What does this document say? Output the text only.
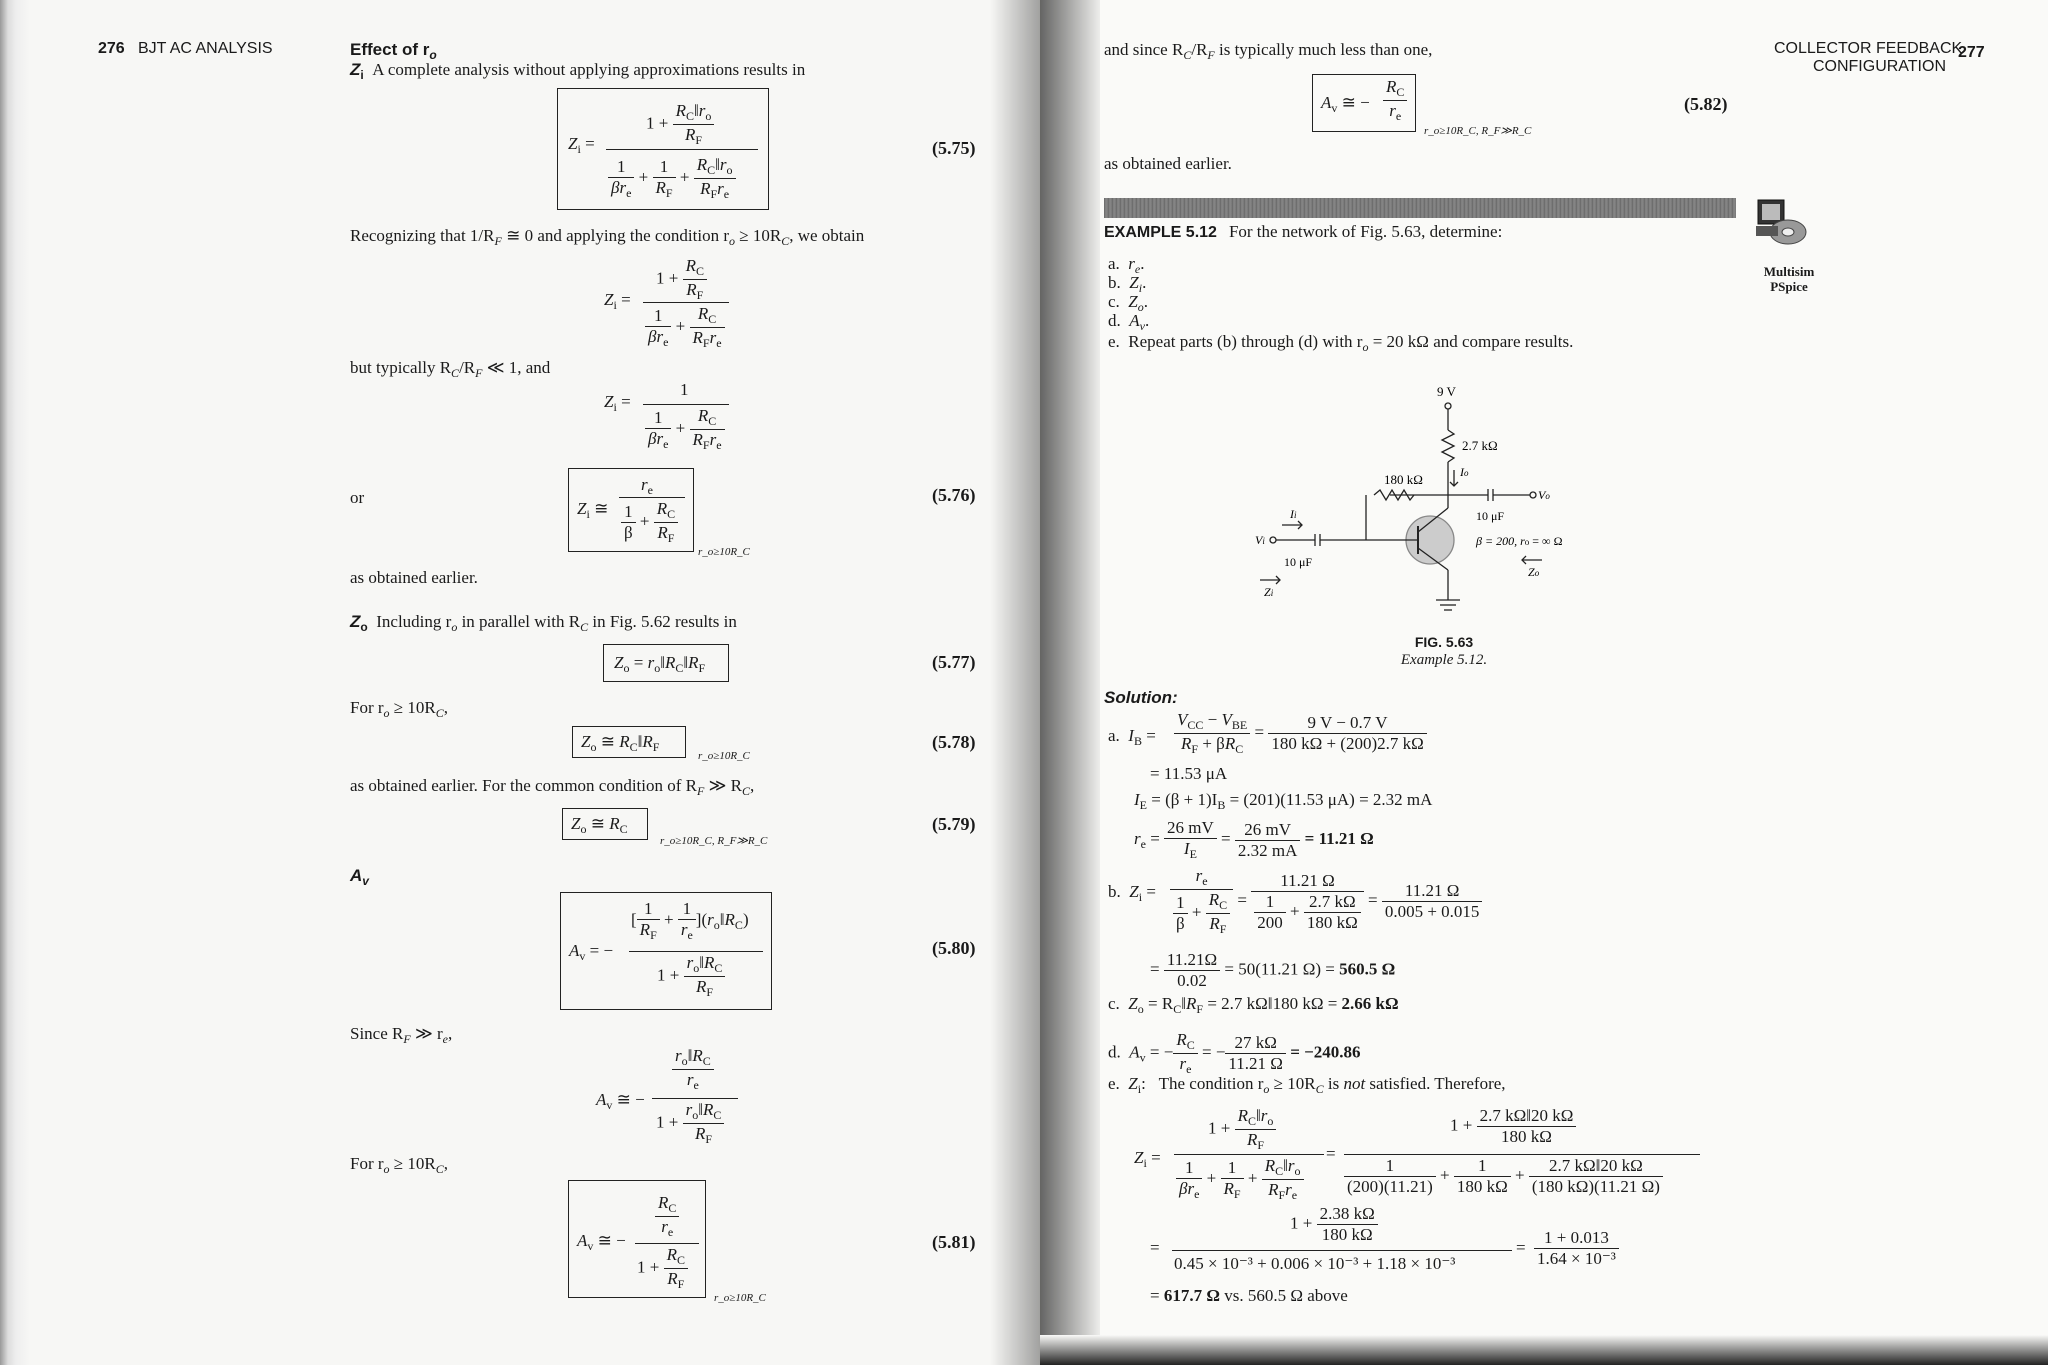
276 BJT AC ANALYSIS	Effect of $r_o$
$Z_i$ A complete analysis without applying approximations results in
$Z_i$ =
$1 + \frac{R_C‖r_o}{R_F}$
$\frac{1}{\beta r_e} + \frac{1}{R_F} + \frac{R_C‖r_o}{R_Fr_e}$
(5.75)
Recognizing that $1/R_F$ ≅ 0 and applying the condition $r_o \ge 10R_C$, we obtain
$Z_i$ =
$1 + \frac{R_C}{R_F}$
$\frac{1}{\beta r_e} + \frac{R_C}{R_Fr_e}$
but typically $R_C/R_F$ ≪ 1, and
$Z_i$ =
1
$\frac{1}{\beta r_e} + \frac{R_C}{R_Fr_e}$
or
$Z_i$ ≅
$r_e$
$\frac{1}{\beta} + \frac{R_C}{R_F}$
r_o≥10R_C
(5.76)
as obtained earlier.
$Z_o$ Including $r_o$ in parallel with $R_C$ in Fig. 5.62 results in
$Z_o$ = $r_o‖R_C‖R_F$	(5.77)
For $r_o \ge 10R_C$,
$Z_o$ ≅ $R_C‖R_F$
r_o≥10R_C
(5.78)
as obtained earlier. For the common condition of $R_F$ ≫ $R_C$,
$Z_o$ ≅ $R_C$
r_o≥10R_C, R_F≫R_C
(5.79)
$A_v$
$A_v$ = −
[ $\frac{1}{R_F} + \frac{1}{r_e}$ ]$(r_o‖R_C)$
$1 + \frac{r_o‖R_C}{R_F}$
(5.80)
Since $R_F$ ≫ $r_e$,
$A_v$ ≅ −
$\frac{r_o‖R_C}{r_e}$
$1 + \frac{r_o‖R_C}{R_F}$
For $r_o \ge 10R_C$,
$A_v$ ≅ −
$\frac{R_C}{r_e}$
$1 + \frac{R_C}{R_F}$
r_o≥10R_C
(5.81)
COLLECTOR FEEDBACK
CONFIGURATION
277
and since $R_C/R_F$ is typically much less than one,
$A_v$ ≅ − $\frac{R_C}{r_e}$
r_o≥10R_C, R_F≫R_C
(5.82)
as obtained earlier.
EXAMPLE 5.12 For the network of Fig. 5.63, determine:
Multisim
PSpice
a. $r_e$.
b. $Z_i$.
c. $Z_o$.
d. $A_v$.
e. Repeat parts (b) through (d) with $r_o = 20$ kΩ and compare results.
9 V
2.7 kΩ
180 kΩ
10 μF
10 μF
β = 200, ro = ∞ Ω
Io
Ii
Vi
Vo
Zi
Zo
FIG. 5.63
Example 5.12.
Solution:
a.  $I_B = \frac{V_{CC} - V_{BE}}{R_F + \beta R_C} = \frac{9 V - 0.7 V}{180 k\Omega + (200)2.7 k\Omega}$
= 11.53 μA
$I_E = (\beta + 1)I_B = (201)(11.53$ μA) = 2.32 mA
$r_e = \frac{26 mV}{I_E} = \frac{26 mV}{2.32 mA} = 11.21$ Ω
b.  $Z_i = \frac{r_e}{\frac{1}{\beta} + \frac{R_C}{R_F}} = \frac{11.21 \Omega}{\frac{1}{200} + \frac{2.7 k\Omega}{180 k\Omega}} = \frac{11.21 \Omega}{0.005 + 0.015}$
= $\frac{11.21\Omega}{0.02} = 50(11.21$ Ω) = 560.5 Ω
c.  $Z_o$ = $R_C‖R_F = 2.7$ kΩ‖180 kΩ = 2.66 kΩ
d.  $A_v$ = − $\frac{R_C}{r_e}$ = − $\frac{27 k\Omega}{11.21 \Omega} = -240.86$
e.  $Z_i$:   The condition $r_o \ge 10R_C$ is not satisfied. Therefore,
$Z_i$ =
$1 + \frac{R_C‖r_o}{R_F}$
$\frac{1}{\beta r_e} + \frac{1}{R_F} + \frac{R_C‖r_o}{R_Fr_e}$
=
$1 + \frac{2.7 k\Omega‖20 k\Omega}{180 k\Omega}$
$\frac{1}{(200)(11.21)} + \frac{1}{180 k\Omega} + \frac{2.7 k\Omega‖20 k\Omega}{(180 k\Omega)(11.21 \Omega)}$
=
$1 + \frac{2.38 k\Omega}{180 k\Omega}$
0.45 × 10⁻³ + 0.006 × 10⁻³ + 1.18 × 10⁻³
= $\frac{1 + 0.013}{\text{1.64 × 10⁻³}}$
= 617.7 Ω vs. 560.5 Ω above
